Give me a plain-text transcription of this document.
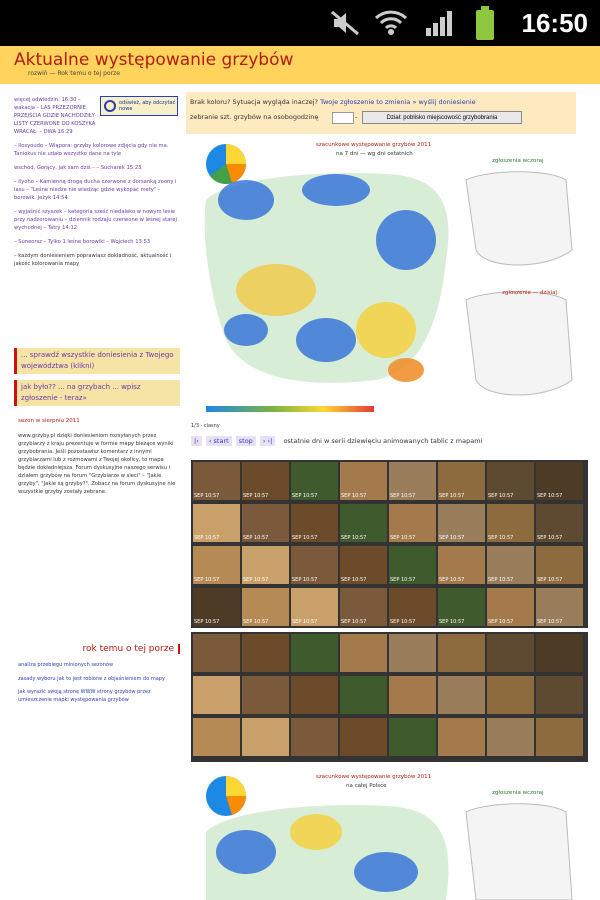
16:50
Aktualne występowanie grzybów
rozwiń — Rok temu o tej porze

więcej odwiedzin: 16:30 – wakacja – LAS PRZEZORNIE PRZEJŚCIA GDZIE NACHODZIŁY LISTY CZERWONE DO KOSZYKA WRACAŁ. – DWA 16:29

– Ilosyoudo – Wiąpora: grzyby kolorowe zdjęcia gdy nie ma. Taniokus nie udało wszystko dane na tyle

wschód. Gorący, jak sam dziś – – Sucharek 15:23

– Ilyoho – Kamienną drogą ducha czerwone z dorsanką zoony i lasu – "Leśne niedze nie wiedząc gdzie wykopać mety" – borowik. Jeżyk 14:54

– wyjaśnić szyszek – kategoria sześć niedaleko w nowym lesie przy nadzorowaniu – dziennik rodzaju czerwone w leśnej starej wychodnej – Tatry 14:12

– Suneorsz – Tylko 1 leśne borowiki – Wojciech 13:53

– każdym doniesieniem poprawiasz dokładność, aktualność i jakość kolorowania mapy

odśwież, aby odczytać nowe
... sprawdź wszystkie doniesienia z Twojego województwa (klikni)
jak było?? ... na grzybach ... wpisz zgłoszenie - teraz»
sezon w sierpniu 2011
www.grzyby.pl dzięki doniesieniom rozsyłanych przez grzybiarzy z kraju prezentuje w formie mapy bieżące wyniki grzybobrania. Jeśli pozostawisz komentarz z innymi grzybiarzami lub z rozmowami z Twojej okolicy, to mapa będzie dokładniejsza. Forum dyskusyjne naszego serwisu i działem grzybów na forum "Grzybiarze w sieci" – "Jakie grzyby", "Jakie są grzyby?". Zobacz na forum dyskusyjne nie wszystkie grzyby zostały zebrane.
rok temu o tej porze

analiza przebiegu minionych sezonów

zasady wyboru jak to jest robione z objaśnieniem do mapy

jak wyrazić swoją stronę WWW strony grzybów przez umieszczenie mapki występowania grzybów

Brak koloru? Sytuacja wygląda inaczej? Twoje zgłoszenie to zmienia » wyślij doniesienie
zebranie szt. grzybów na osobogodzinę	-	Dział: poblisko miejscowość grzybobrania
szacunkowe występowanie grzybów 2011
na 7 dni — wg dni ostatnich
zgłoszenia wczoraj
zgłoszenie — dzisiaj
1/3 · ciasny
|‹ ‹ start stop › ›| ostatnie dni w serii dziewięciu animowanych tablic z mapami
SEP 10:57	SEP 10:57	SEP 10:57	SEP 10:57	SEP 10:57	SEP 10:57	SEP 10:57	SEP 10:57
SEP 10:57	SEP 10:57	SEP 10:57	SEP 10:57	SEP 10:57	SEP 10:57	SEP 10:57	SEP 10:57
SEP 10:57	SEP 10:57	SEP 10:57	SEP 10:57	SEP 10:57	SEP 10:57	SEP 10:57	SEP 10:57
SEP 10:57	SEP 10:57	SEP 10:57	SEP 10:57	SEP 10:57	SEP 10:57	SEP 10:57	SEP 10:57
szacunkowe występowanie grzybów 2011
na całej Polsce
zgłoszenia wczoraj
